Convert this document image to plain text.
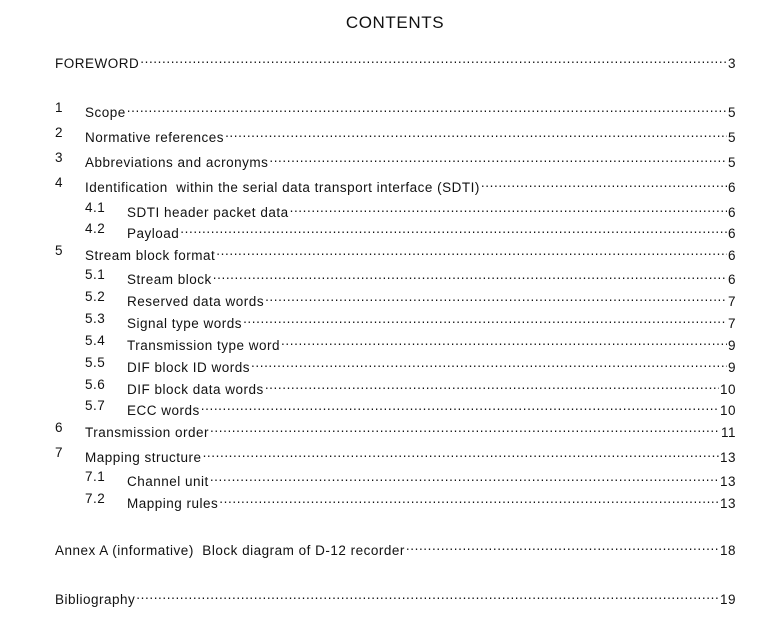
CONTENTS
FOREWORD .....	3
1 Scope .....	5
2 Normative references .....	5
3 Abbreviations and acronyms .....	5
4 Identification  within the serial data transport interface (SDTI) .....	6
4.1 SDTI header packet data .....	6
4.2 Payload .....	6
5 Stream block format .....	6
5.1 Stream block .....	6
5.2 Reserved data words .....	7
5.3 Signal type words .....	7
5.4 Transmission type word .....	9
5.5 DIF block ID words .....	9
5.6 DIF block data words .....	10
5.7 ECC words .....	10
6 Transmission order .....	11
7 Mapping structure .....	13
7.1 Channel unit .....	13
7.2 Mapping rules .....	13
Annex A (informative)  Block diagram of D-12 recorder .....	18
Bibliography .....	19
